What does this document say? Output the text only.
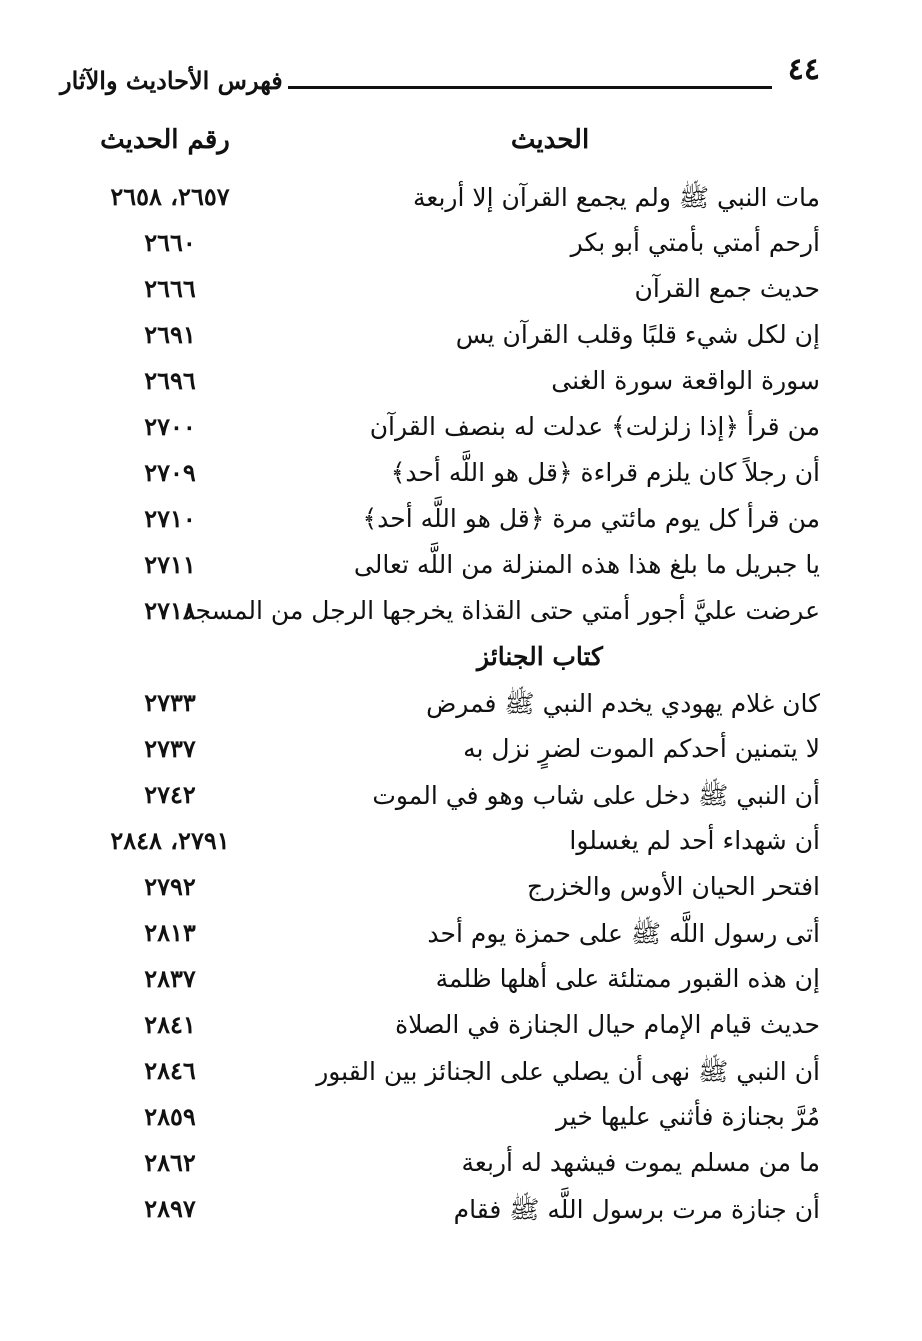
٤٤
فهرس الأحاديث والآثار
الحديث
رقم الحديث
مات النبي ﷺ ولم يجمع القرآن إلا أربعة
٢٦٥٧، ٢٦٥٨
أرحم أمتي بأمتي أبو بكر
٢٦٦٠
حديث جمع القرآن
٢٦٦٦
إن لكل شيء قلبًا وقلب القرآن يس
٢٦٩١
سورة الواقعة سورة الغنى
٢٦٩٦
من قرأ ﴿إذا زلزلت﴾ عدلت له بنصف القرآن
٢٧٠٠
أن رجلاً كان يلزم قراءة ﴿قل هو اللَّه أحد﴾
٢٧٠٩
من قرأ كل يوم مائتي مرة ﴿قل هو اللَّه أحد﴾
٢٧١٠
يا جبريل ما بلغ هذا هذه المنزلة من اللَّه تعالى
٢٧١١
عرضت عليَّ أجور أمتي حتى القذاة يخرجها الرجل من المسجد
٢٧١٨
كتاب الجنائز
كان غلام يهودي يخدم النبي ﷺ فمرض
٢٧٣٣
لا يتمنين أحدكم الموت لضرٍ نزل به
٢٧٣٧
أن النبي ﷺ دخل على شاب وهو في الموت
٢٧٤٢
أن شهداء أحد لم يغسلوا
٢٧٩١، ٢٨٤٨
افتحر الحيان الأوس والخزرج
٢٧٩٢
أتى رسول اللَّه ﷺ على حمزة يوم أحد
٢٨١٣
إن هذه القبور ممتلئة على أهلها ظلمة
٢٨٣٧
حديث قيام الإمام حيال الجنازة في الصلاة
٢٨٤١
أن النبي ﷺ نهى أن يصلي على الجنائز بين القبور
٢٨٤٦
مُرَّ بجنازة فأثني عليها خير
٢٨٥٩
ما من مسلم يموت فيشهد له أربعة
٢٨٦٢
أن جنازة مرت برسول اللَّه ﷺ فقام
٢٨٩٧
